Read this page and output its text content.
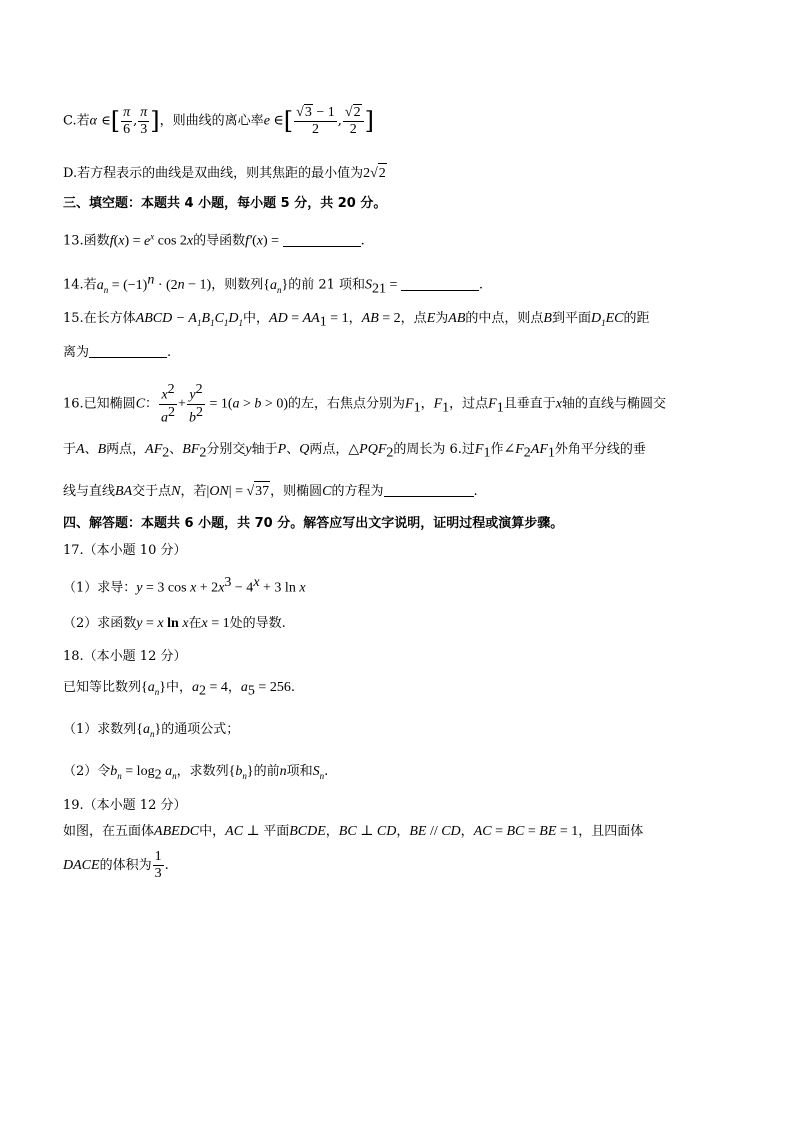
C.若α ∈[ $\frac{\pi}{6}$ , $\frac{\pi}{3}$ ]，则曲线的离心率e ∈[ $\frac{√3 - 1}{2}$ , $\frac{√2}{2}$ ]
D.若方程表示的曲线是双曲线，则其焦距的最小值为2√2
三、填空题：本题共 4 小题，每小题 5 分，共 20 分。
13.函数$f(x) = e^x$ cos 2x的导函数f′(x) =	.
14.若$a_n = (-1)^n \cdot (2n - 1)$，则数列$\{a_n\}$的前 21 项和$S_{21}$ =	.
15.在长方体ABCD − $A_1B_1C_1D_1$中，AD = $AA_1 = 1$，AB = 2，点E为AB的中点，则点B到平面$D_1EC$的距
离为	.
16.已知椭圆C： $\frac{x^2}{a^2} + \frac{y^2}{b^2} = 1(a > b > 0)$的左，右焦点分别为$F_1$，$F_1$，过点$F_1$且垂直于x轴的直线与椭圆交
于A、B两点，$AF_2$、$BF_2$分别交y轴于P、Q两点，$\triangle PQF_2$的周长为 6.过$F_1$作$\angle F_2AF_1$外角平分线的垂
线与直线BA交于点N，若|ON| = √37，则椭圆C的方程为	.
四、解答题：本题共 6 小题，共 70 分。解答应写出文字说明，证明过程或演算步骤。
17.（本小题 10 分）
（1）求导：y = 3 $\cos x + 2x^3 - 4^x + 3$ ln x
（2）求函数y = x ln x在x = 1处的导数.
18.（本小题 12 分）
已知等比数列$\{a_n\}$中，$a_2 = 4$，$a_5 = 256$.
（1）求数列$\{a_n\}$的通项公式；
（2）令$b_n = \log_2 a_n$，求数列$\{b_n\}$的前n项和$S_n$.
19.（本小题 12 分）
如图，在五面体ABEDC中，AC ⊥ 平面BCDE，BC ⊥ CD，BE // CD，AC = BC = BE = 1，且四面体
DACE的体积为 $\frac{1}{3}$ .
